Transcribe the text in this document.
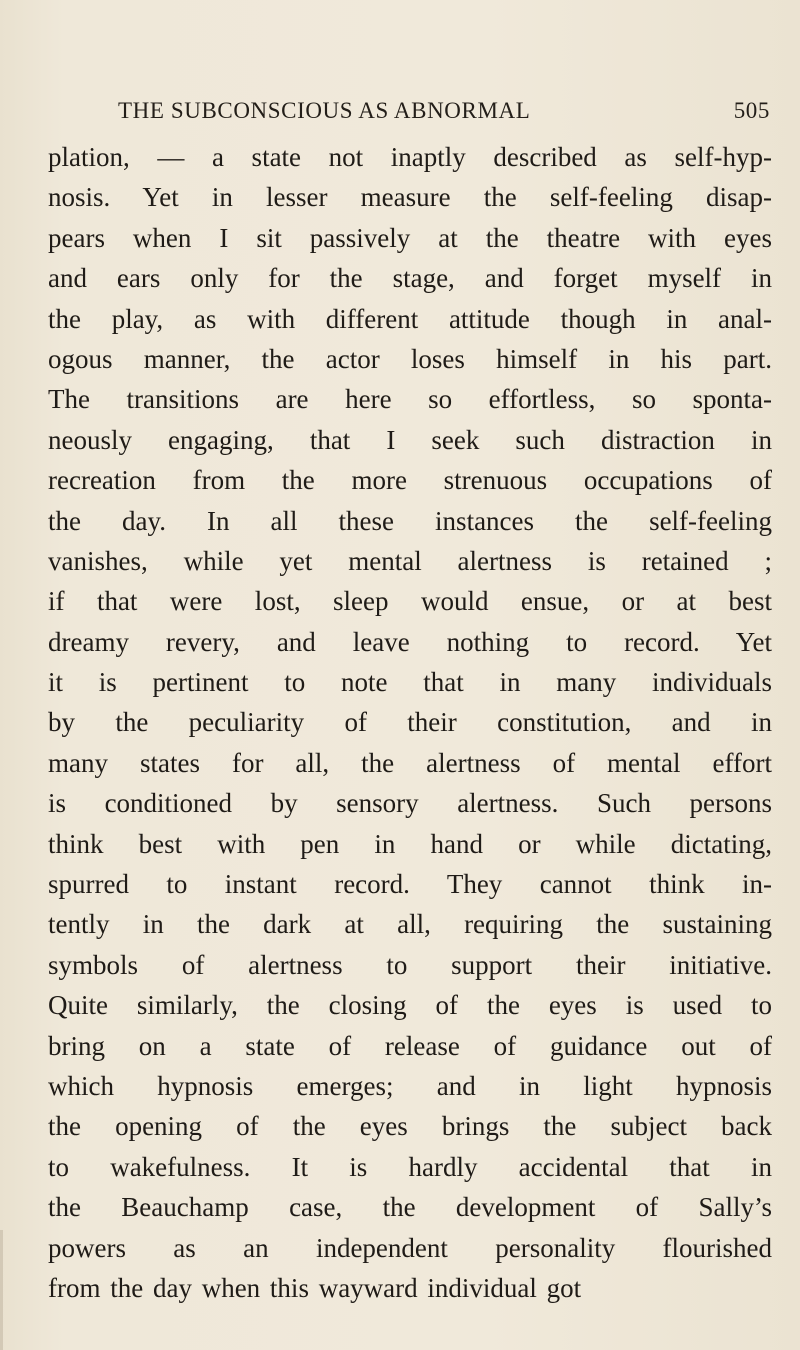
THE SUBCONSCIOUS AS ABNORMAL	505
plation, — a state not inaptly described as self-hyp-
nosis. Yet in lesser measure the self-feeling disap-
pears when I sit passively at the theatre with eyes
and ears only for the stage, and forget myself in
the play, as with different attitude though in anal-
ogous manner, the actor loses himself in his part.
The transitions are here so effortless, so sponta-
neously engaging, that I seek such distraction in
recreation from the more strenuous occupations of
the day. In all these instances the self-feeling
vanishes, while yet mental alertness is retained ;
if that were lost, sleep would ensue, or at best
dreamy revery, and leave nothing to record. Yet
it is pertinent to note that in many individuals
by the peculiarity of their constitution, and in
many states for all, the alertness of mental effort
is conditioned by sensory alertness. Such persons
think best with pen in hand or while dictating,
spurred to instant record. They cannot think in-
tently in the dark at all, requiring the sustaining
symbols of alertness to support their initiative.
Quite similarly, the closing of the eyes is used to
bring on a state of release of guidance out of
which hypnosis emerges; and in light hypnosis
the opening of the eyes brings the subject back
to wakefulness. It is hardly accidental that in
the Beauchamp case, the development of Sally’s
powers as an independent personality flourished
from the day when this wayward individual got
